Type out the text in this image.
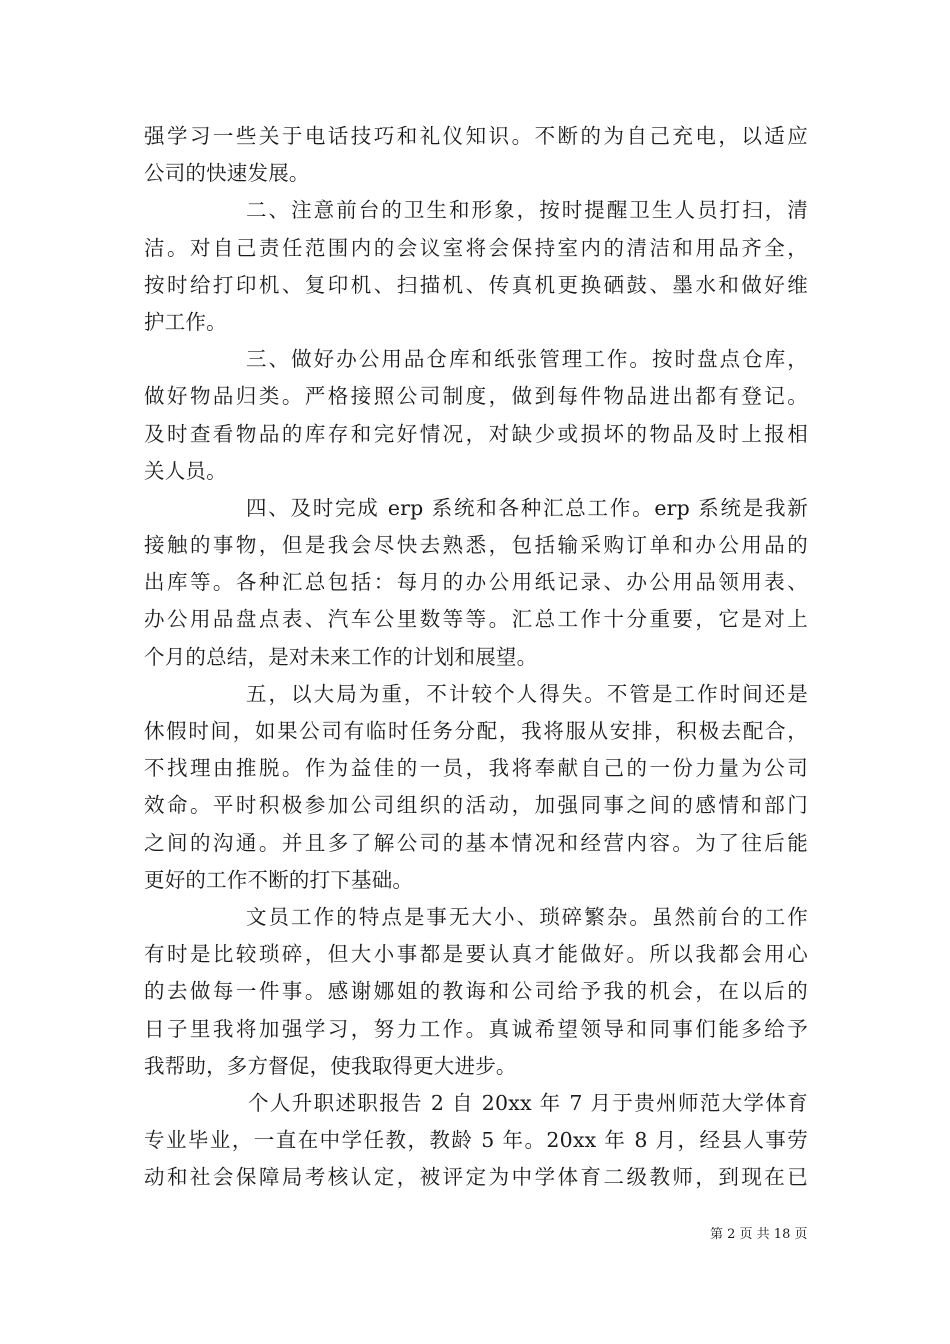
强学习一些关于电话技巧和礼仪知识。不断的为自己充电，以适应
公司的快速发展。
二、注意前台的卫生和形象，按时提醒卫生人员打扫，清
洁。对自己责任范围内的会议室将会保持室内的清洁和用品齐全，
按时给打印机、复印机、扫描机、传真机更换硒鼓、墨水和做好维
护工作。
三、做好办公用品仓库和纸张管理工作。按时盘点仓库，
做好物品归类。严格接照公司制度，做到每件物品进出都有登记。
及时查看物品的库存和完好情况，对缺少或损坏的物品及时上报相
关人员。
四、及时完成 erp 系统和各种汇总工作。erp 系统是我新
接触的事物，但是我会尽快去熟悉，包括输采购订单和办公用品的
出库等。各种汇总包括：每月的办公用纸记录、办公用品领用表、
办公用品盘点表、汽车公里数等等。汇总工作十分重要，它是对上
个月的总结，是对未来工作的计划和展望。
五，以大局为重，不计较个人得失。不管是工作时间还是
休假时间，如果公司有临时任务分配，我将服从安排，积极去配合，
不找理由推脱。作为益佳的一员，我将奉献自己的一份力量为公司
效命。平时积极参加公司组织的活动，加强同事之间的感情和部门
之间的沟通。并且多了解公司的基本情况和经营内容。为了往后能
更好的工作不断的打下基础。
文员工作的特点是事无大小、琐碎繁杂。虽然前台的工作
有时是比较琐碎，但大小事都是要认真才能做好。所以我都会用心
的去做每一件事。感谢娜姐的教诲和公司给予我的机会，在以后的
日子里我将加强学习，努力工作。真诚希望领导和同事们能多给予
我帮助，多方督促，使我取得更大进步。
个人升职述职报告 2 自 20xx 年 7 月于贵州师范大学体育
专业毕业，一直在中学任教，教龄 5 年。20xx 年 8 月，经县人事劳
动和社会保障局考核认定，被评定为中学体育二级教师，到现在已
第 2 页 共 18 页
